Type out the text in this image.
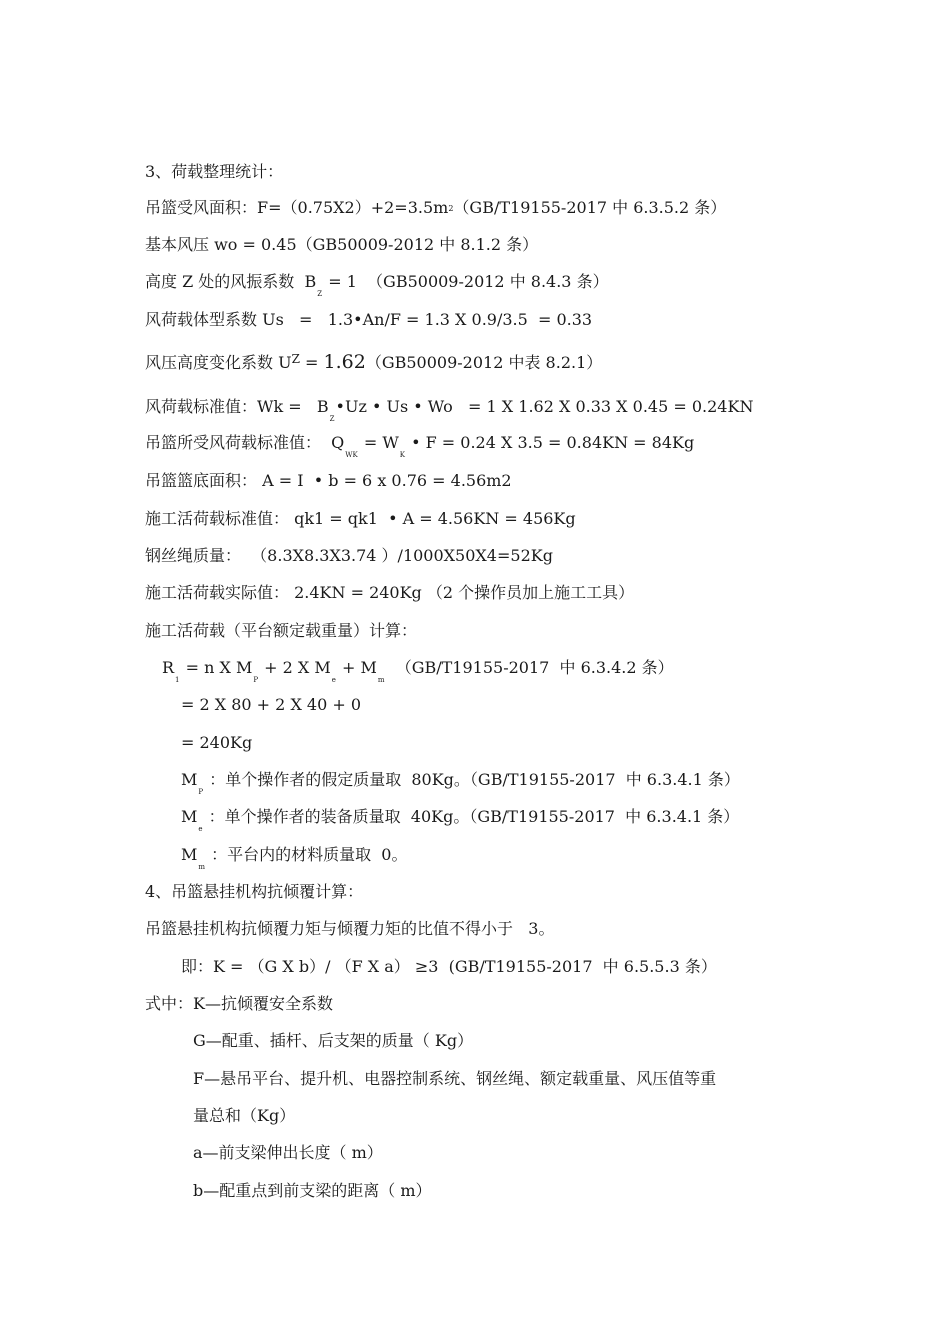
3、荷载整理统计：
吊篮受风面积：$F=(0.75X2)+2=3.5m^2(GB/T19155-2017$ 中 6.3.5.2 条）
基本风压 wo = 0.45（GB50009-2012 中 8.1.2 条）
高度 Z 处的风振系数  $B_Z = 1$  （GB50009-2012 中 8.4.3 条）
风荷载体型系数 Us   =   1.3•An/F = 1.3 X 0.9/3.5  = 0.33
风压高度变化系数 $U^Z = 1.62(GB50009-2012$ 中表 8.2.1）
风荷载标准值：$Wk = B_Z•Uz$ • Us • Wo   = 1 X 1.62 X 0.33 X 0.45 = 0.24KN
吊篮所受风荷载标准值：  $Q_{WK} = W_K$ • F = 0.24 X 3.5 = 0.84KN = 84Kg
吊篮篮底面积： A = I  • b = 6 x 0.76 = 4.56m2
施工活荷载标准值： qk1 = qk1  • A = 4.56KN = 456Kg
钢丝绳质量：  （8.3X8.3X3.74 ）/1000X50X4=52Kg
施工活荷载实际值： 2.4KN = 240Kg （2 个操作员加上施工工具）
施工活荷载（平台额定载重量）计算：
$R_1 = n$ X $M_P + 2$ X $M_e + M_m$  （GB/T19155-2017  中 6.3.4.2 条）
= 2 X 80 + 2 X 40 + 0
= 240Kg
$M_P$ ：单个操作者的假定质量取  80Kg。（GB/T19155-2017  中 6.3.4.1 条）
$M_e$ ：单个操作者的装备质量取  40Kg。（GB/T19155-2017  中 6.3.4.1 条）
$M_m$ ：平台内的材料质量取  0。
4、吊篮悬挂机构抗倾覆计算：
吊篮悬挂机构抗倾覆力矩与倾覆力矩的比值不得小于   3。
即：K = （G X b）/ （F X a） ≥3  (GB/T19155-2017  中 6.5.5.3 条）
式中：K—抗倾覆安全系数
G—配重、插杆、后支架的质量（ Kg）
F—悬吊平台、提升机、电器控制系统、钢丝绳、额定载重量、风压值等重
量总和（Kg）
a—前支梁伸出长度（ m）
b—配重点到前支梁的距离（ m）
